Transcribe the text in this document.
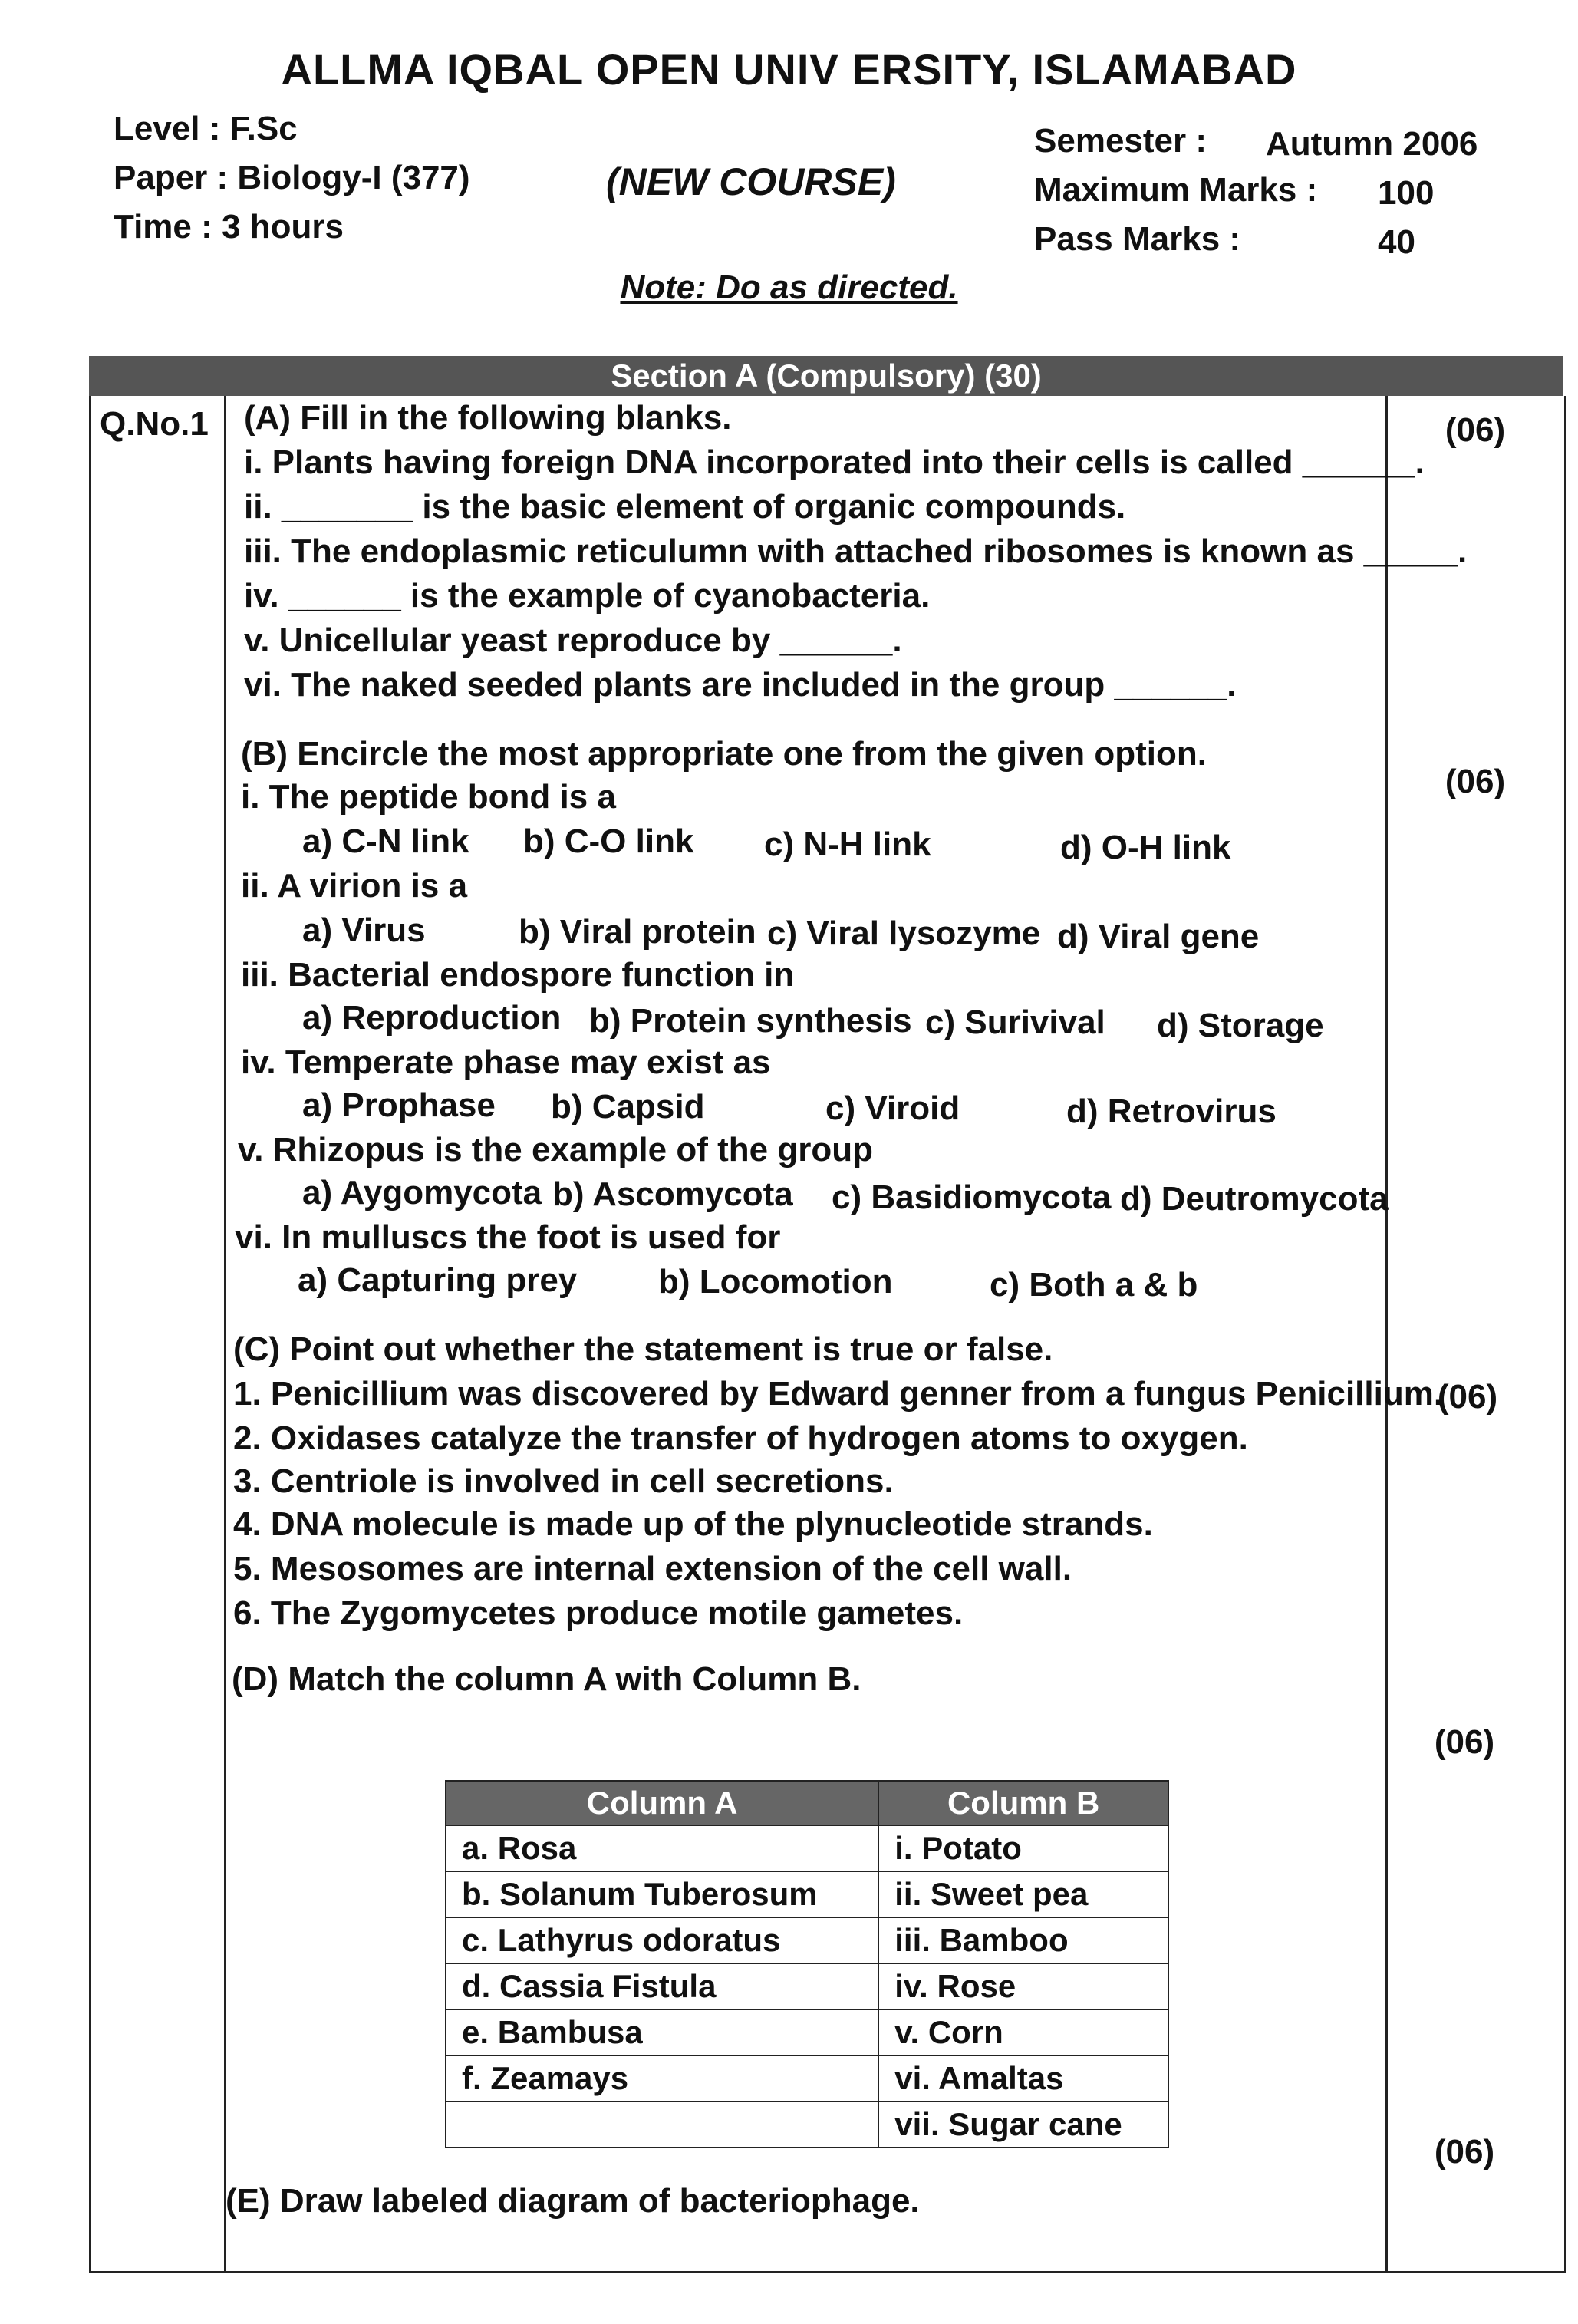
ALLMA IQBAL OPEN UNIV ERSITY, ISLAMABAD
Level : F.Sc
Paper : Biology-I (377)
Time : 3 hours
(NEW COURSE)
Semester : Autumn 2006
Maximum Marks : 100
Pass Marks :	40
Note: Do as directed.
Section A (Compulsory) (30)
Q.No.1 (A) Fill in the following blanks.	(06)
i. Plants having foreign DNA incorporated into their cells is called ______.
ii. _______ is the basic element of organic compounds.
iii. The endoplasmic reticulumn with attached ribosomes is known as _____.
iv. ______ is the example of cyanobacteria.
v. Unicellular yeast reproduce by ______.
vi. The naked seeded plants are included in the group ______.
(B) Encircle the most appropriate one from the given option.
(06)
i. The peptide bond is a
a) C-N link b) C-O link c) N-H link	d) O-H link
ii. A virion is a
a) Virus	b) Viral protein c) Viral lysozyme d) Viral gene
iii. Bacterial endospore function in
a) Reproduction b) Protein synthesis c) Surivival d) Storage
iv. Temperate phase may exist as
a) Prophase b) Capsid	c) Viroid	d) Retrovirus
v. Rhizopus is the example of the group
a) Aygomycota b) Ascomycota c) Basidiomycota d) Deutromycota
vi. In mulluscs the foot is used for
a) Capturing prey b) Locomotion	c) Both a & b
(C) Point out whether the statement is true or false.
(06)
1. Penicillium was discovered by Edward genner from a fungus Penicillium.
2. Oxidases catalyze the transfer of hydrogen atoms to oxygen.
3. Centriole is involved in cell secretions.
4. DNA molecule is made up of the plynucleotide strands.
5. Mesosomes are internal extension of the cell wall.
6. The Zygomycetes produce motile gametes.
(D) Match the column A with Column B.
(06)
Column A	Column B
a. Rosa	i. Potato
b. Solanum Tuberosum	ii. Sweet pea
c. Lathyrus odoratus	iii. Bamboo
d. Cassia Fistula	iv. Rose
e. Bambusa	v. Corn
f. Zeamays	vi. Amaltas
	vii. Sugar cane
(06)
(E) Draw labeled diagram of bacteriophage.
